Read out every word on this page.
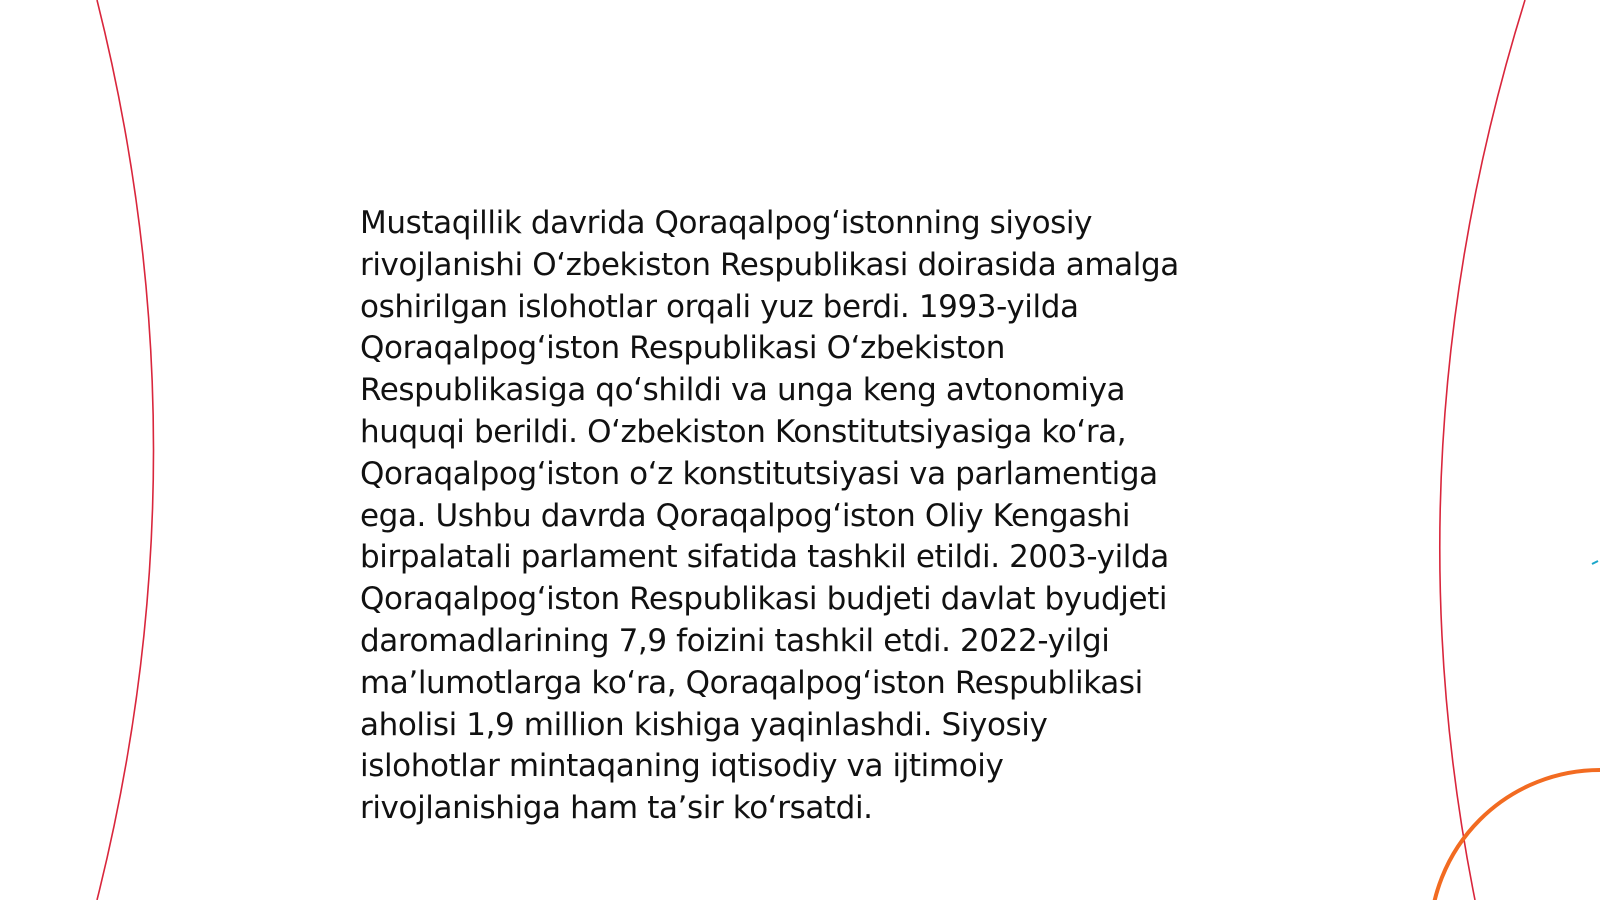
Mustaqillik davrida Qoraqalpog‘istonning siyosiy
rivojlanishi O‘zbekiston Respublikasi doirasida amalga
oshirilgan islohotlar orqali yuz berdi. 1993-yilda
Qoraqalpog‘iston Respublikasi O‘zbekiston
Respublikasiga qo‘shildi va unga keng avtonomiya
huquqi berildi. O‘zbekiston Konstitutsiyasiga ko‘ra,
Qoraqalpog‘iston o‘z konstitutsiyasi va parlamentiga
ega. Ushbu davrda Qoraqalpog‘iston Oliy Kengashi
birpalatali parlament sifatida tashkil etildi. 2003-yilda
Qoraqalpog‘iston Respublikasi budjeti davlat byudjeti
daromadlarining 7,9 foizini tashkil etdi. 2022-yilgi
ma’lumotlarga ko‘ra, Qoraqalpog‘iston Respublikasi
aholisi 1,9 million kishiga yaqinlashdi. Siyosiy
islohotlar mintaqaning iqtisodiy va ijtimoiy
rivojlanishiga ham ta’sir ko‘rsatdi.
